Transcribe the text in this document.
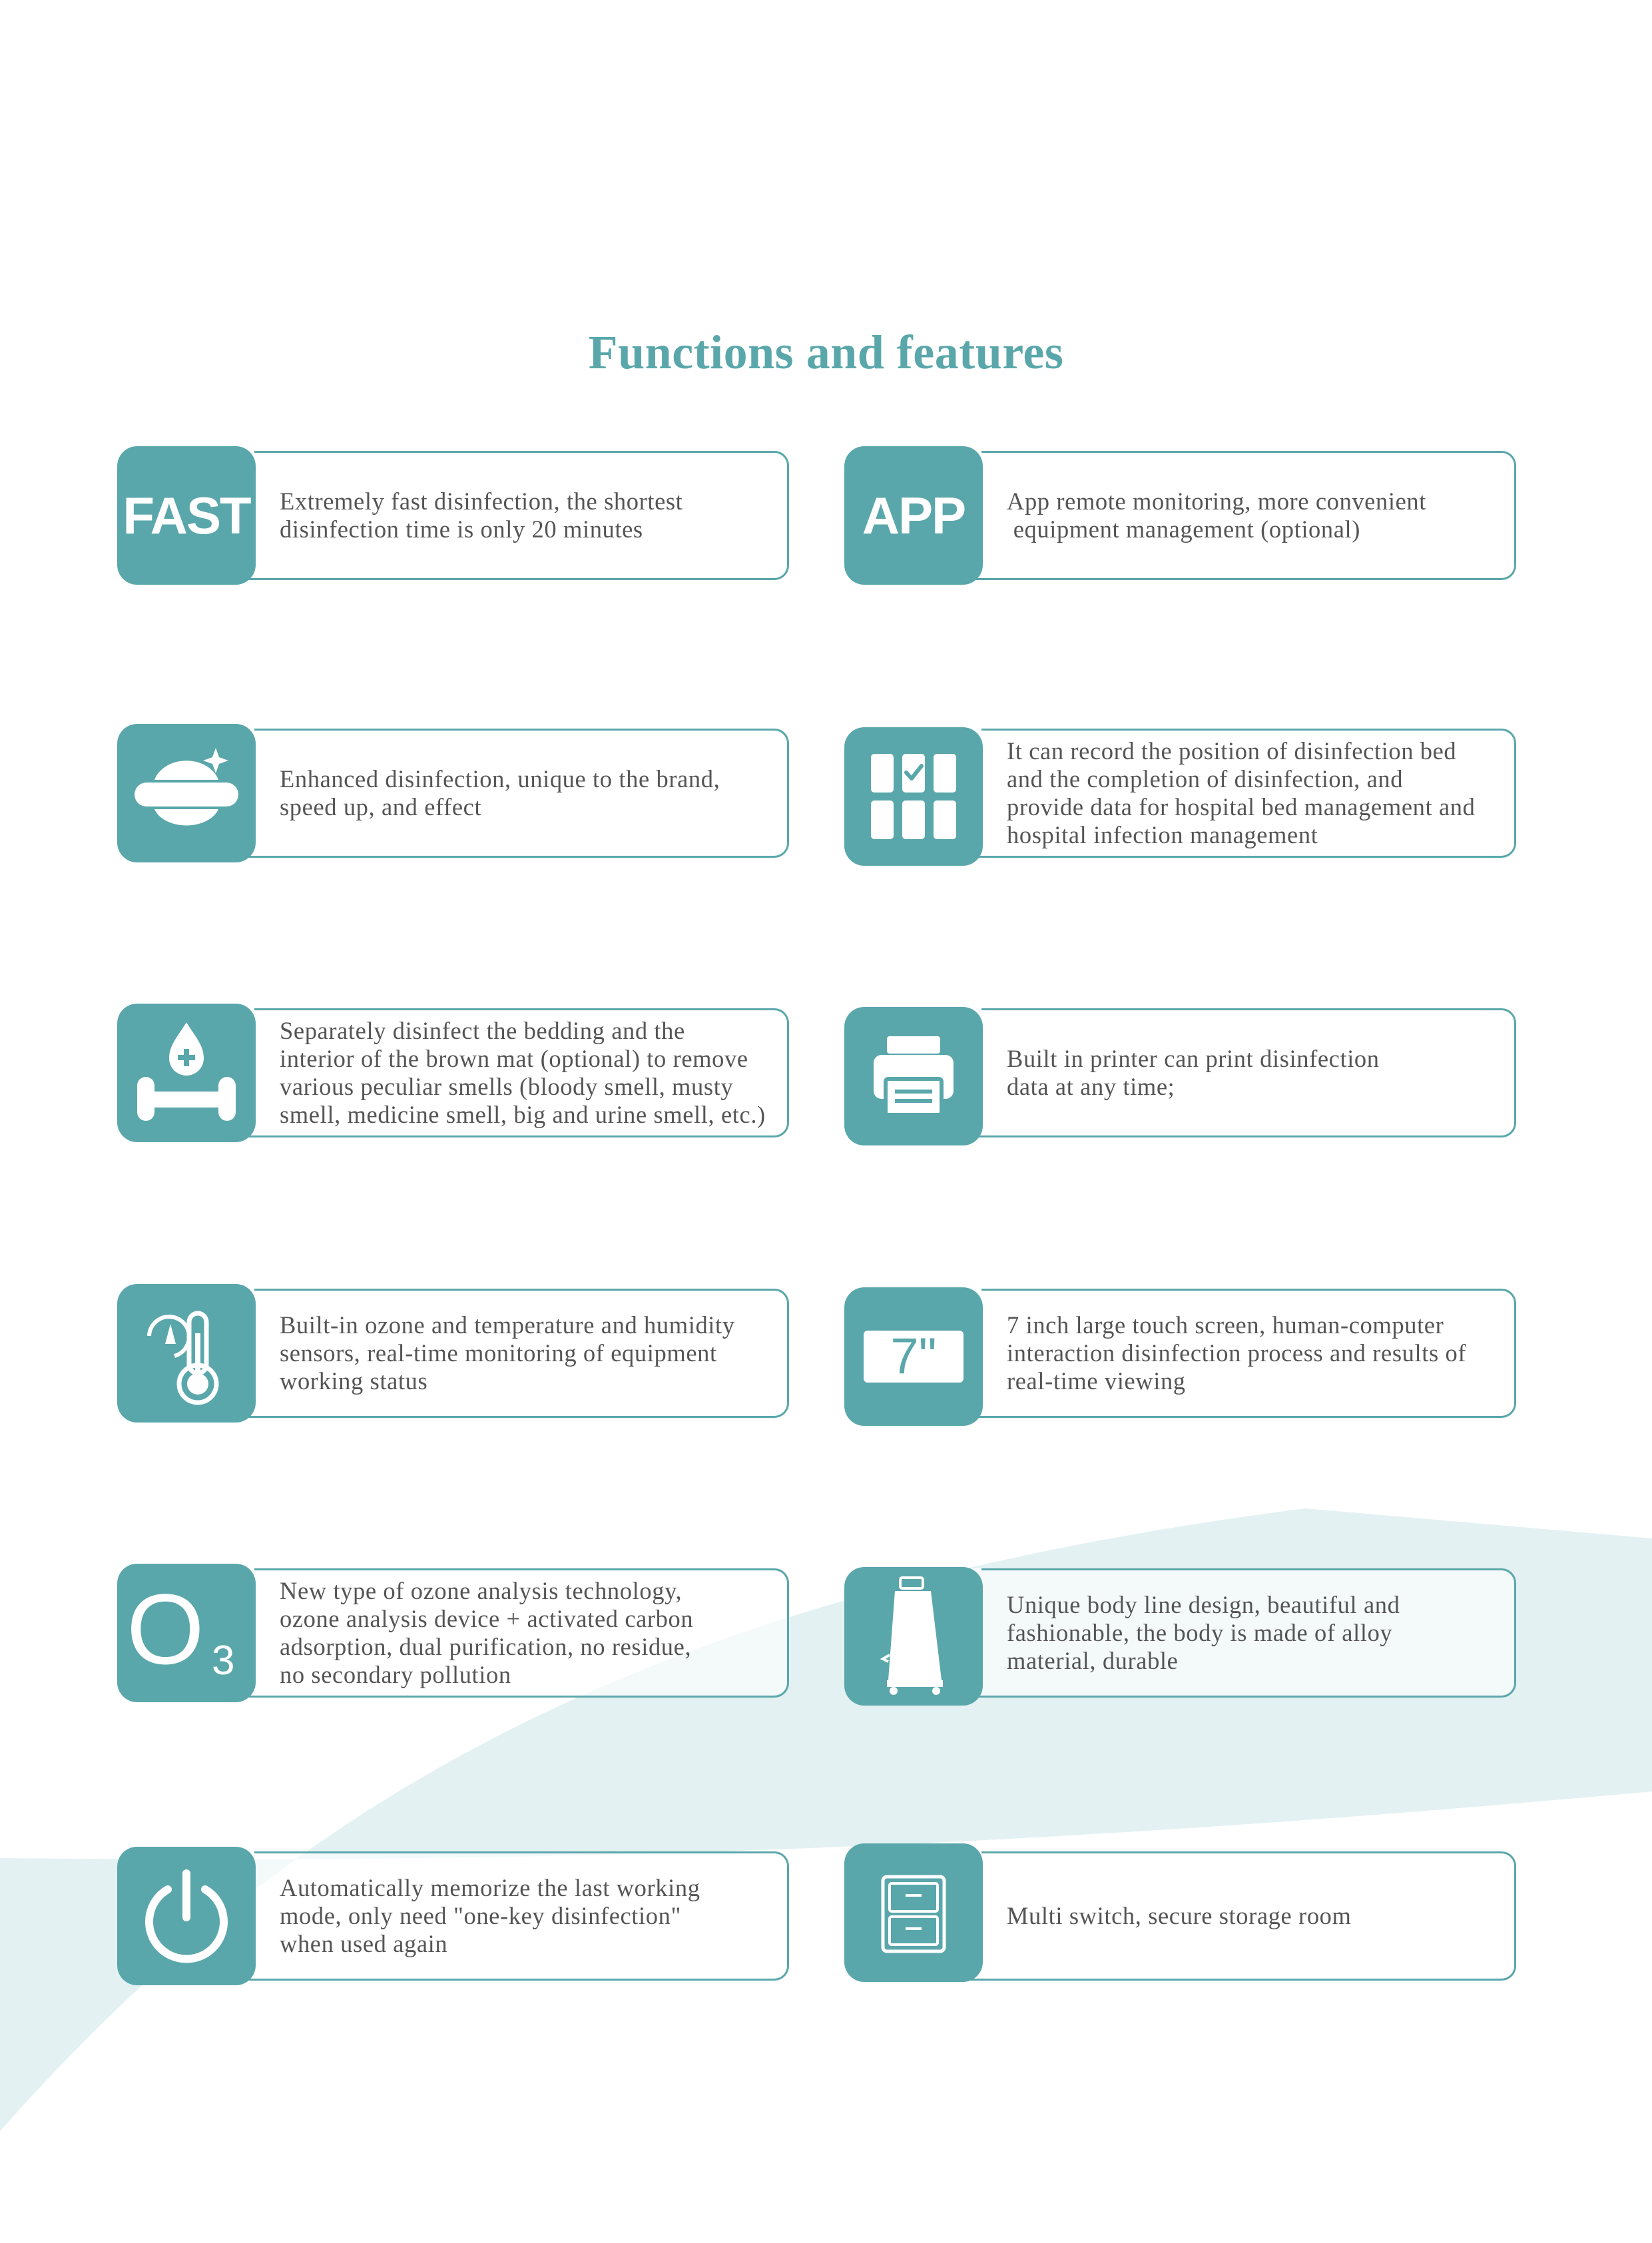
Functions and features
FAST Extremely fast disinfection, the shortest
disinfection time is only 20 minutes	APP App remote monitoring, more convenient
equipment management (optional)
Enhanced disinfection, unique to the brand,
speed up, and effect
It can record the position of disinfection bed
and the completion of disinfection, and
provide data for hospital bed management and
hospital infection management
Separately disinfect the bedding and the
interior of the brown mat (optional) to remove
various peculiar smells (bloody smell, musty
smell, medicine smell, big and urine smell, etc.)
Built in printer can print disinfection
data at any time;
Built-in ozone and temperature and humidity
sensors, real-time monitoring of equipment
working status	7"
7 inch large touch screen, human-computer
interaction disinfection process and results of
real-time viewing
O 3
New type of ozone analysis technology,
ozone analysis device + activated carbon
adsorption, dual purification, no residue,
no secondary pollution
Unique body line design, beautiful and
fashionable, the body is made of alloy
material, durable
Automatically memorize the last working
mode, only need "one-key disinfection"
when used again
Multi switch, secure storage room
